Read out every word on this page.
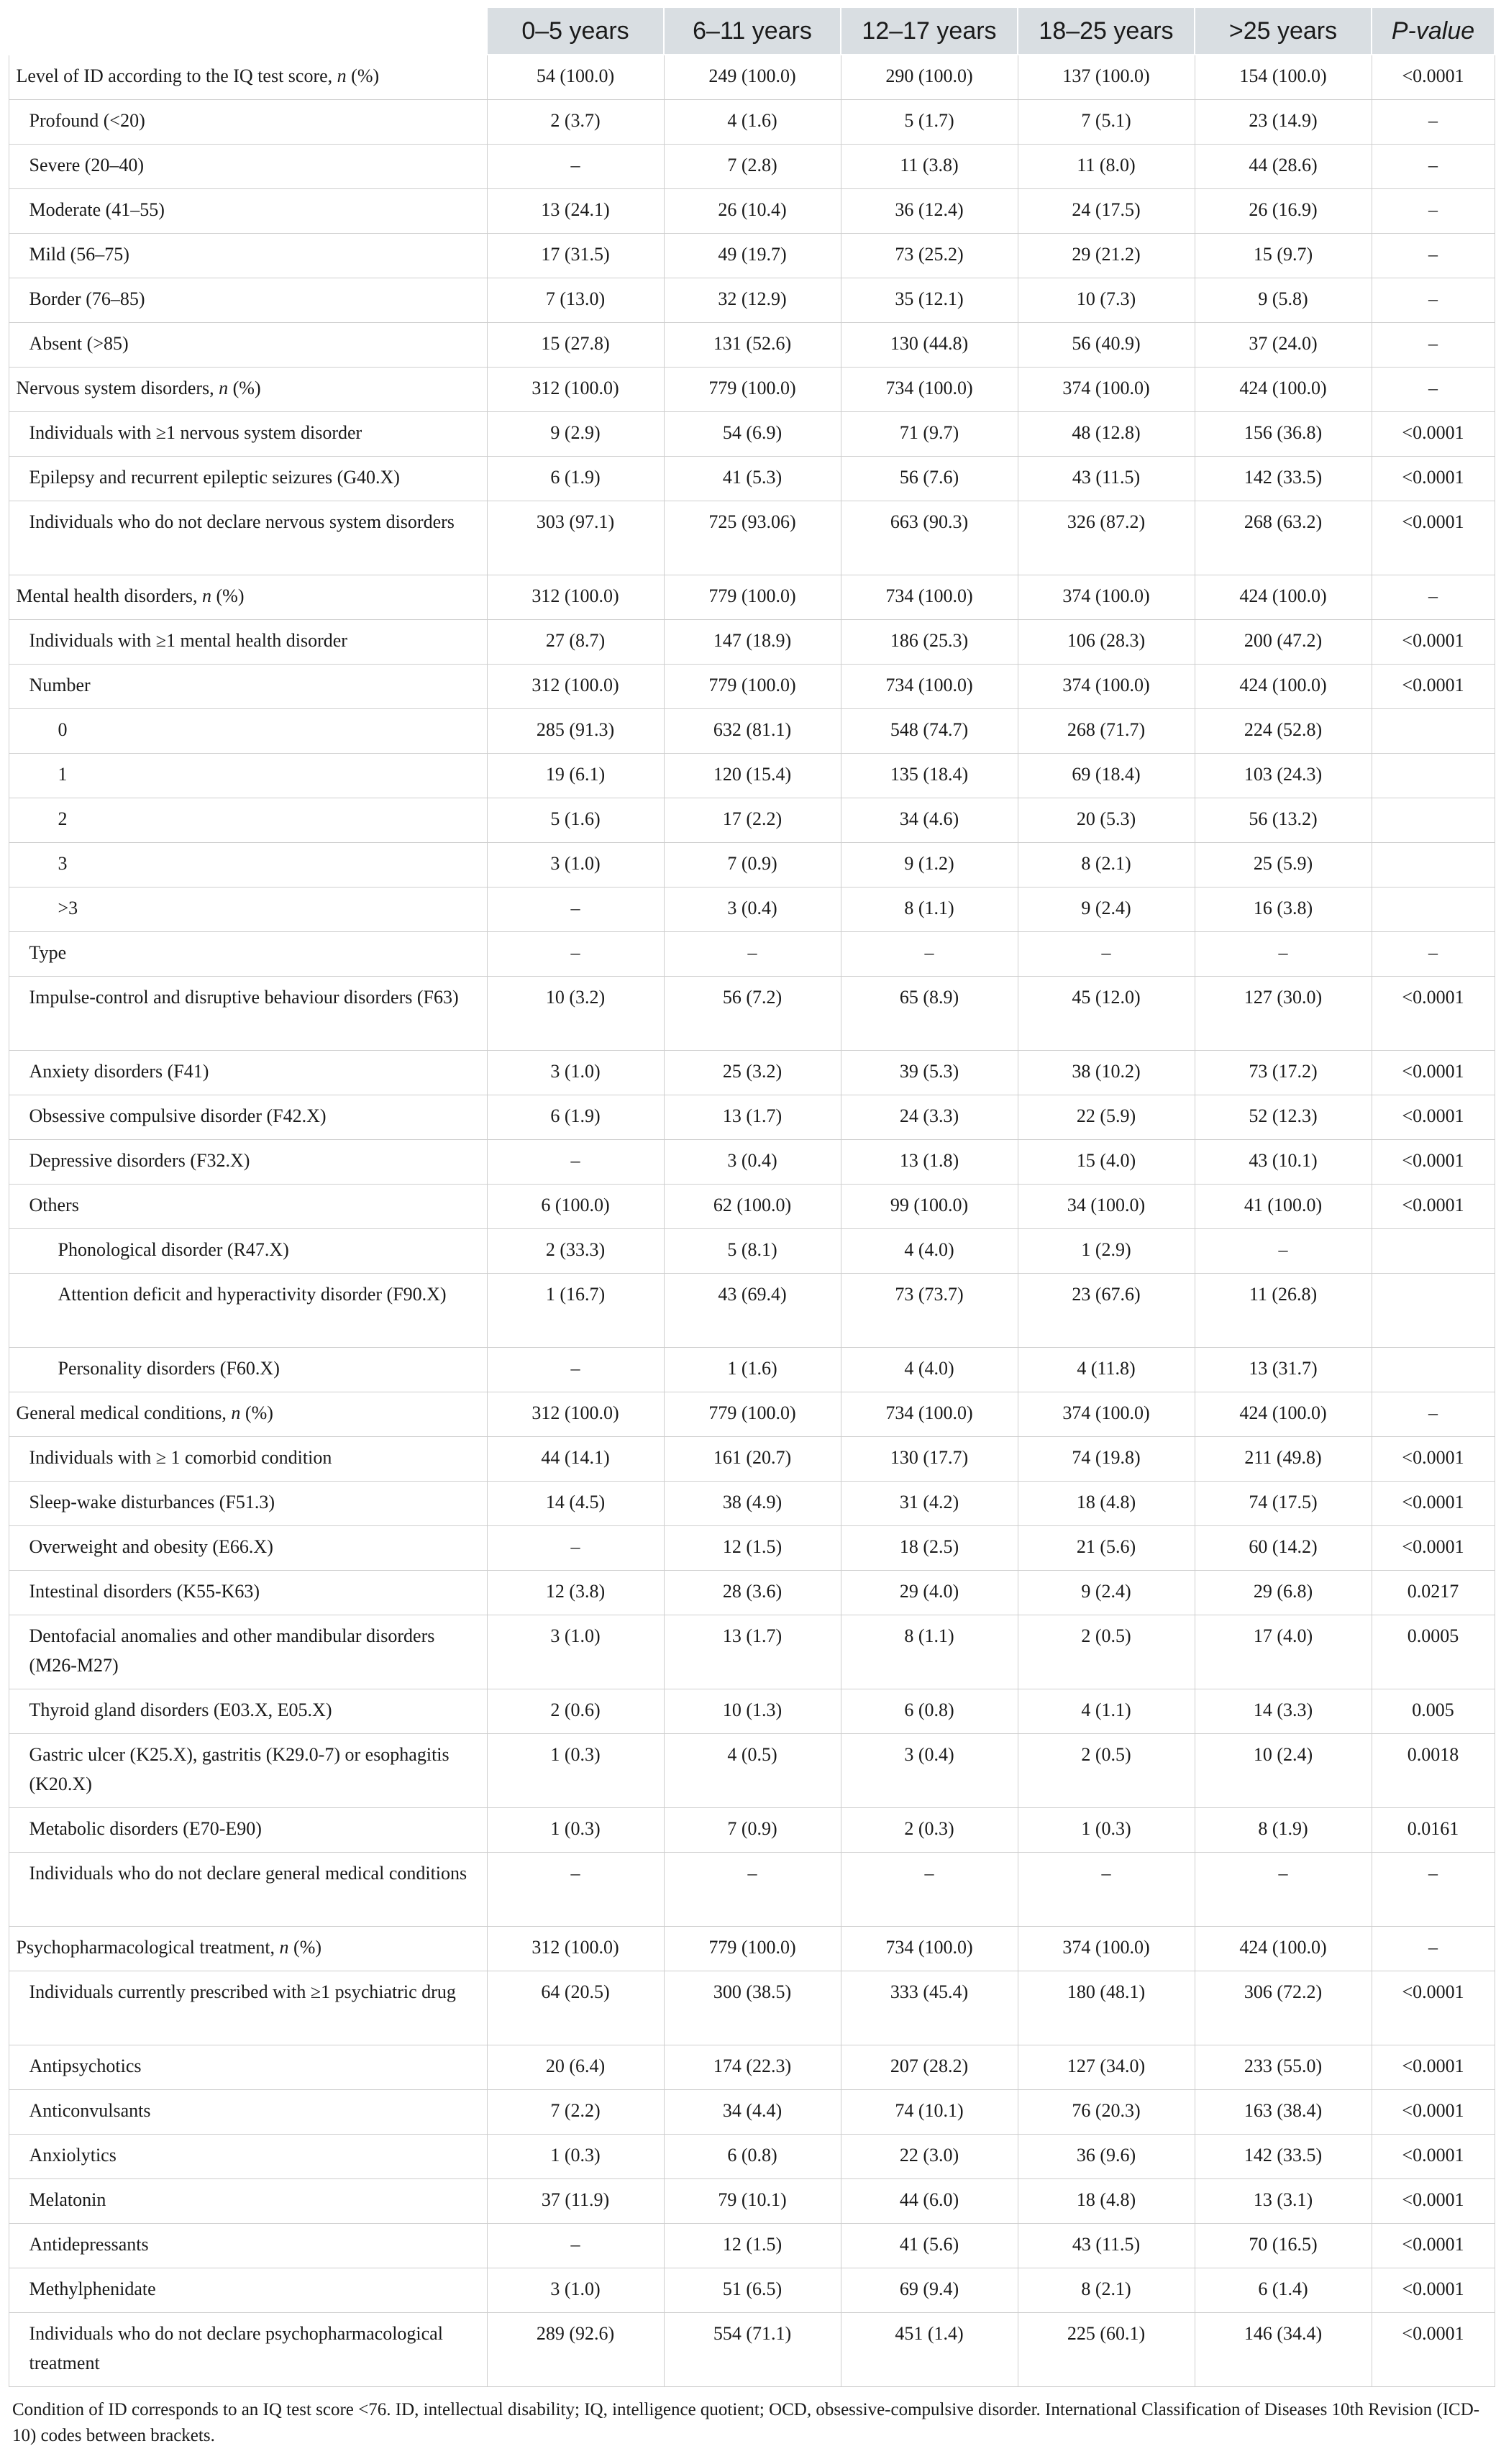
	0–5 years	6–11 years	12–17 years	18–25 years	>25 years	P-value
Level of ID according to the IQ test score, n (%)	54 (100.0)	249 (100.0)	290 (100.0)	137 (100.0)	154 (100.0)	<0.0001
Profound (<20)	2 (3.7)	4 (1.6)	5 (1.7)	7 (5.1)	23 (14.9)	–
Severe (20–40)	–	7 (2.8)	11 (3.8)	11 (8.0)	44 (28.6)	–
Moderate (41–55)	13 (24.1)	26 (10.4)	36 (12.4)	24 (17.5)	26 (16.9)	–
Mild (56–75)	17 (31.5)	49 (19.7)	73 (25.2)	29 (21.2)	15 (9.7)	–
Border (76–85)	7 (13.0)	32 (12.9)	35 (12.1)	10 (7.3)	9 (5.8)	–
Absent (>85)	15 (27.8)	131 (52.6)	130 (44.8)	56 (40.9)	37 (24.0)	–
Nervous system disorders, n (%)	312 (100.0)	779 (100.0)	734 (100.0)	374 (100.0)	424 (100.0)	–
Individuals with ≥1 nervous system disorder	9 (2.9)	54 (6.9)	71 (9.7)	48 (12.8)	156 (36.8)	<0.0001
Epilepsy and recurrent epileptic seizures (G40.X)	6 (1.9)	41 (5.3)	56 (7.6)	43 (11.5)	142 (33.5)	<0.0001
Individuals who do not declare nervous system disorders	303 (97.1)	725 (93.06)	663 (90.3)	326 (87.2)	268 (63.2)	<0.0001
Mental health disorders, n (%)	312 (100.0)	779 (100.0)	734 (100.0)	374 (100.0)	424 (100.0)	–
Individuals with ≥1 mental health disorder	27 (8.7)	147 (18.9)	186 (25.3)	106 (28.3)	200 (47.2)	<0.0001
Number	312 (100.0)	779 (100.0)	734 (100.0)	374 (100.0)	424 (100.0)	<0.0001
0	285 (91.3)	632 (81.1)	548 (74.7)	268 (71.7)	224 (52.8)	
1	19 (6.1)	120 (15.4)	135 (18.4)	69 (18.4)	103 (24.3)	
2	5 (1.6)	17 (2.2)	34 (4.6)	20 (5.3)	56 (13.2)	
3	3 (1.0)	7 (0.9)	9 (1.2)	8 (2.1)	25 (5.9)	
>3	–	3 (0.4)	8 (1.1)	9 (2.4)	16 (3.8)	
Type	–	–	–	–	–	–
Impulse-control and disruptive behaviour disorders (F63)	10 (3.2)	56 (7.2)	65 (8.9)	45 (12.0)	127 (30.0)	<0.0001
Anxiety disorders (F41)	3 (1.0)	25 (3.2)	39 (5.3)	38 (10.2)	73 (17.2)	<0.0001
Obsessive compulsive disorder (F42.X)	6 (1.9)	13 (1.7)	24 (3.3)	22 (5.9)	52 (12.3)	<0.0001
Depressive disorders (F32.X)	–	3 (0.4)	13 (1.8)	15 (4.0)	43 (10.1)	<0.0001
Others	6 (100.0)	62 (100.0)	99 (100.0)	34 (100.0)	41 (100.0)	<0.0001
Phonological disorder (R47.X)	2 (33.3)	5 (8.1)	4 (4.0)	1 (2.9)	–	
Attention deficit and hyperactivity disorder (F90.X)	1 (16.7)	43 (69.4)	73 (73.7)	23 (67.6)	11 (26.8)	
Personality disorders (F60.X)	–	1 (1.6)	4 (4.0)	4 (11.8)	13 (31.7)	
General medical conditions, n (%)	312 (100.0)	779 (100.0)	734 (100.0)	374 (100.0)	424 (100.0)	–
Individuals with ≥ 1 comorbid condition	44 (14.1)	161 (20.7)	130 (17.7)	74 (19.8)	211 (49.8)	<0.0001
Sleep-wake disturbances (F51.3)	14 (4.5)	38 (4.9)	31 (4.2)	18 (4.8)	74 (17.5)	<0.0001
Overweight and obesity (E66.X)	–	12 (1.5)	18 (2.5)	21 (5.6)	60 (14.2)	<0.0001
Intestinal disorders (K55-K63)	12 (3.8)	28 (3.6)	29 (4.0)	9 (2.4)	29 (6.8)	0.0217
Dentofacial anomalies and other mandibular disorders (M26-M27)	3 (1.0)	13 (1.7)	8 (1.1)	2 (0.5)	17 (4.0)	0.0005
Thyroid gland disorders (E03.X, E05.X)	2 (0.6)	10 (1.3)	6 (0.8)	4 (1.1)	14 (3.3)	0.005
Gastric ulcer (K25.X), gastritis (K29.0-7) or esophagitis (K20.X)	1 (0.3)	4 (0.5)	3 (0.4)	2 (0.5)	10 (2.4)	0.0018
Metabolic disorders (E70-E90)	1 (0.3)	7 (0.9)	2 (0.3)	1 (0.3)	8 (1.9)	0.0161
Individuals who do not declare general medical conditions	–	–	–	–	–	–
Psychopharmacological treatment, n (%)	312 (100.0)	779 (100.0)	734 (100.0)	374 (100.0)	424 (100.0)	–
Individuals currently prescribed with ≥1 psychiatric drug	64 (20.5)	300 (38.5)	333 (45.4)	180 (48.1)	306 (72.2)	<0.0001
Antipsychotics	20 (6.4)	174 (22.3)	207 (28.2)	127 (34.0)	233 (55.0)	<0.0001
Anticonvulsants	7 (2.2)	34 (4.4)	74 (10.1)	76 (20.3)	163 (38.4)	<0.0001
Anxiolytics	1 (0.3)	6 (0.8)	22 (3.0)	36 (9.6)	142 (33.5)	<0.0001
Melatonin	37 (11.9)	79 (10.1)	44 (6.0)	18 (4.8)	13 (3.1)	<0.0001
Antidepressants	–	12 (1.5)	41 (5.6)	43 (11.5)	70 (16.5)	<0.0001
Methylphenidate	3 (1.0)	51 (6.5)	69 (9.4)	8 (2.1)	6 (1.4)	<0.0001
Individuals who do not declare psychopharmacological treatment	289 (92.6)	554 (71.1)	451 (1.4)	225 (60.1)	146 (34.4)	<0.0001
Condition of ID corresponds to an IQ test score <76. ID, intellectual disability; IQ, intelligence quotient; OCD, obsessive-compulsive disorder. International Classification of Diseases 10th Revision (ICD-10) codes between brackets.
